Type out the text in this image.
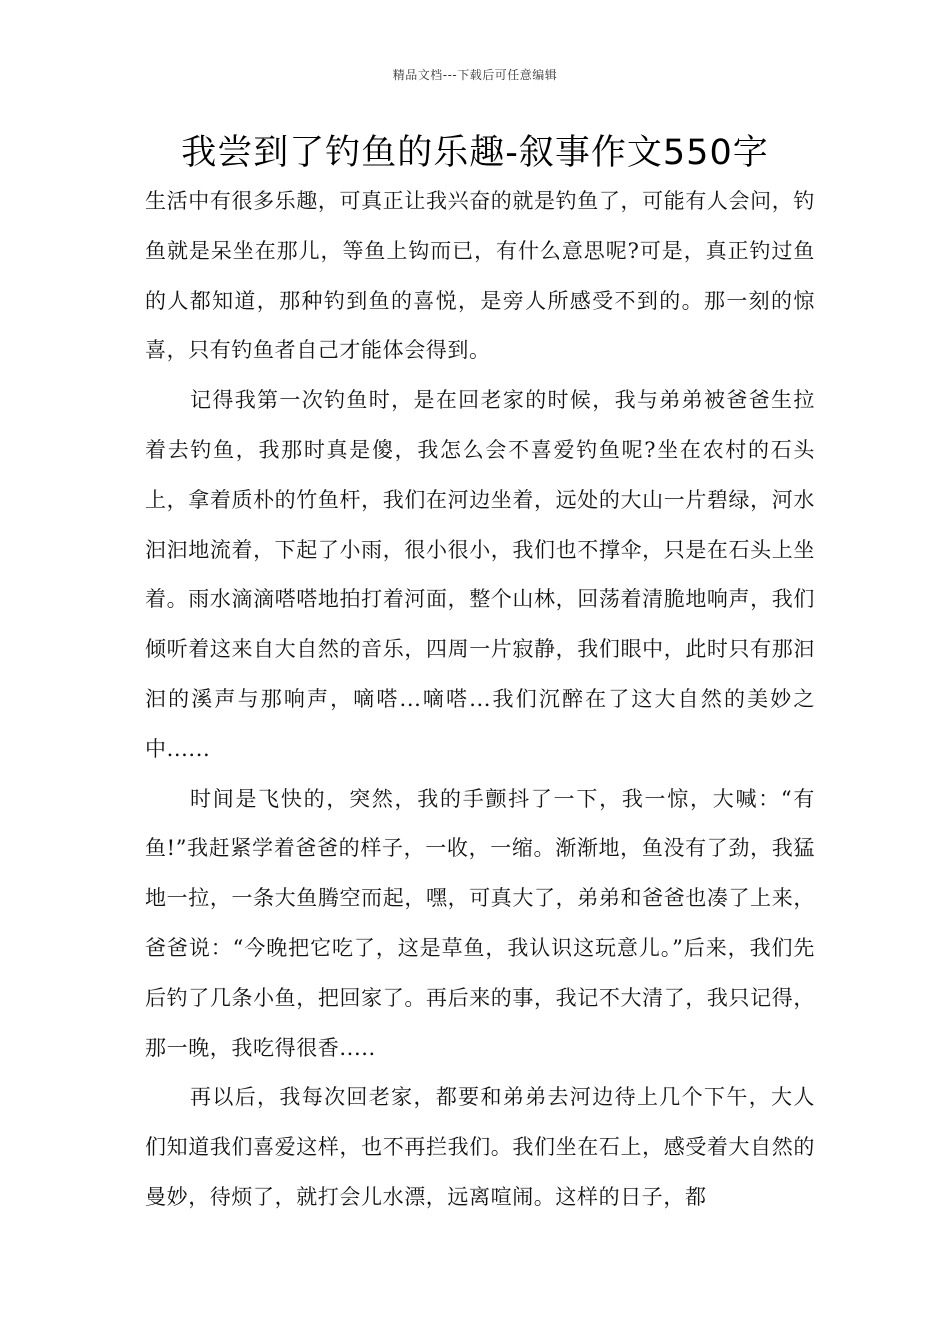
精品文档---下载后可任意编辑
我尝到了钓鱼的乐趣-叙事作文550字

生活中有很多乐趣，可真正让我兴奋的就是钓鱼了，可能有人会问，钓鱼就是呆坐在那儿，等鱼上钩而已，有什么意思呢?可是，真正钓过鱼的人都知道，那种钓到鱼的喜悦，是旁人所感受不到的。那一刻的惊喜，只有钓鱼者自己才能体会得到。

记得我第一次钓鱼时，是在回老家的时候，我与弟弟被爸爸生拉着去钓鱼，我那时真是傻，我怎么会不喜爱钓鱼呢?坐在农村的石头上，拿着质朴的竹鱼杆，我们在河边坐着，远处的大山一片碧绿，河水汩汩地流着，下起了小雨，很小很小，我们也不撑伞，只是在石头上坐着。雨水滴滴嗒嗒地拍打着河面，整个山林，回荡着清脆地响声，我们倾听着这来自大自然的音乐，四周一片寂静，我们眼中，此时只有那汩汩的溪声与那响声，嘀嗒...嘀嗒...我们沉醉在了这大自然的美妙之中......

时间是飞快的，突然，我的手颤抖了一下，我一惊，大喊：“有鱼!”我赶紧学着爸爸的样子，一收，一缩。渐渐地，鱼没有了劲，我猛地一拉，一条大鱼腾空而起，嘿，可真大了，弟弟和爸爸也凑了上来，爸爸说：“今晚把它吃了，这是草鱼，我认识这玩意儿。”后来，我们先后钓了几条小鱼，把回家了。再后来的事，我记不大清了，我只记得，那一晚，我吃得很香.....

再以后，我每次回老家，都要和弟弟去河边待上几个下午，大人们知道我们喜爱这样，也不再拦我们。我们坐在石上，感受着大自然的曼妙，待烦了，就打会儿水漂，远离喧闹。这样的日子，都
